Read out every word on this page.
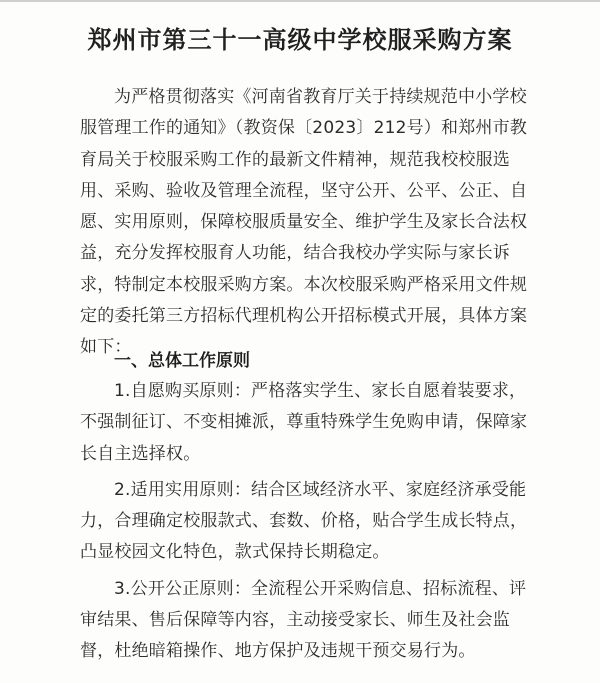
郑州市第三十一高级中学校服采购方案

为严格贯彻落实《河南省教育厅关于持续规范中小学校服管理工作的通知》（教资保〔2023〕212号）和郑州市教育局关于校服采购工作的最新文件精神，规范我校校服选用、采购、验收及管理全流程，坚守公开、公平、公正、自愿、实用原则，保障校服质量安全、维护学生及家长合法权益，充分发挥校服育人功能，结合我校办学实际与家长诉求，特制定本校服采购方案。本次校服采购严格采用文件规定的委托第三方招标代理机构公开招标模式开展，具体方案如下：

一、总体工作原则

1.自愿购买原则：严格落实学生、家长自愿着装要求，不强制征订、不变相摊派，尊重特殊学生免购申请，保障家长自主选择权。

2.适用实用原则：结合区域经济水平、家庭经济承受能力，合理确定校服款式、套数、价格，贴合学生成长特点，凸显校园文化特色，款式保持长期稳定。

3.公开公正原则：全流程公开采购信息、招标流程、评审结果、售后保障等内容，主动接受家长、师生及社会监督，杜绝暗箱操作、地方保护及违规干预交易行为。
